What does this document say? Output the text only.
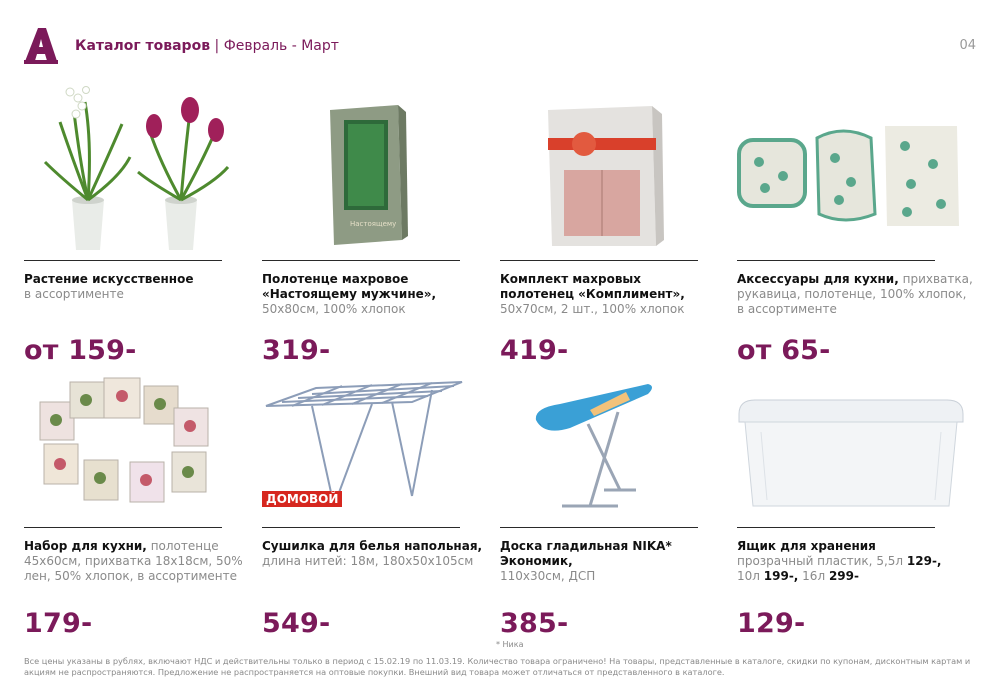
Каталог товаров | Февраль - Март	04
Растение искусственное
в ассортименте
от 159-
Настоящему
Полотенце махровое «Настоящему мужчине», 50х80см, 100% хлопок
319-
Комплект махровых полотенец «Комплимент», 50х70см, 2 шт., 100% хлопок
419-
Аксессуары для кухни, прихватка, рукавица, полотенце, 100% хлопок, в ассортименте
от 65-
Набор для кухни, полотенце 45х60см, прихватка 18х18см, 50% лен, 50% хлопок, в ассортименте
179-
ДОМОВОЙ
Сушилка для белья напольная,
длина нитей: 18м, 180х50х105см
549-
Доска гладильная NIKA* Экономик,
110х30см, ДСП
385-
* Ника
Ящик для хранения
прозрачный пластик, 5,5л 129-,
10л 199-, 16л 299-
129-
Все цены указаны в рублях, включают НДС и действительны только в период с 15.02.19 по 11.03.19. Количество товара ограничено! На товары, представленные в каталоге, скидки по купонам, дисконтным картам и акциям не распространяются. Предложение не распространяется на оптовые покупки. Внешний вид товара может отличаться от представленного в каталоге.
